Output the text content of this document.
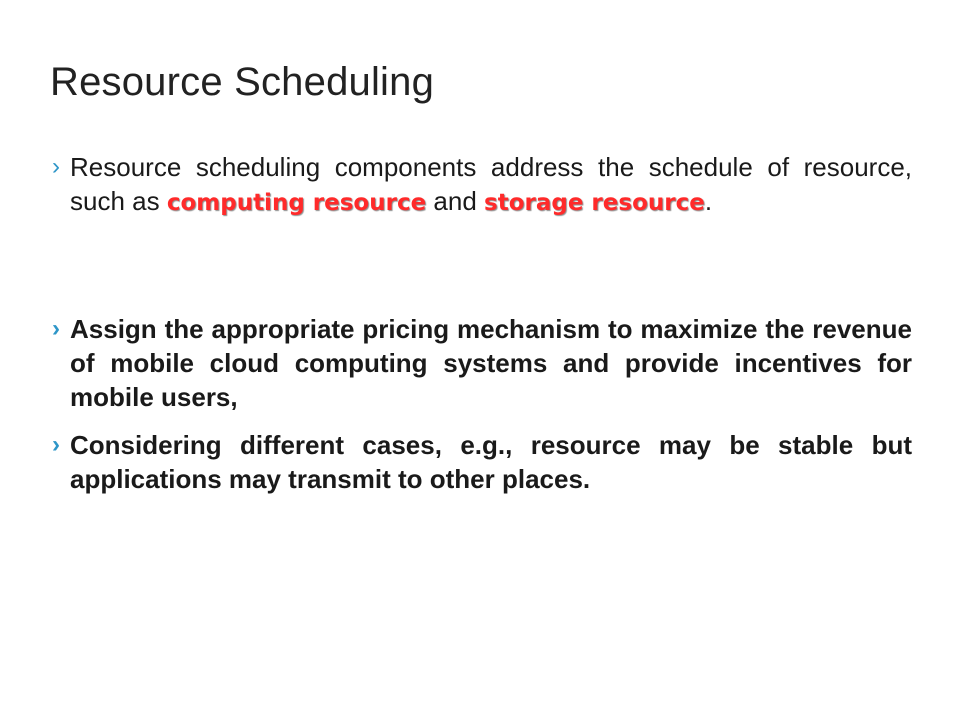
Resource Scheduling
› Resource scheduling components address the schedule of resource, such as computing resource and storage resource.
› Assign the appropriate pricing mechanism to maximize the revenue of mobile cloud computing systems and provide incentives for mobile users,
› Considering different cases, e.g., resource may be stable but applications may transmit to other places.
